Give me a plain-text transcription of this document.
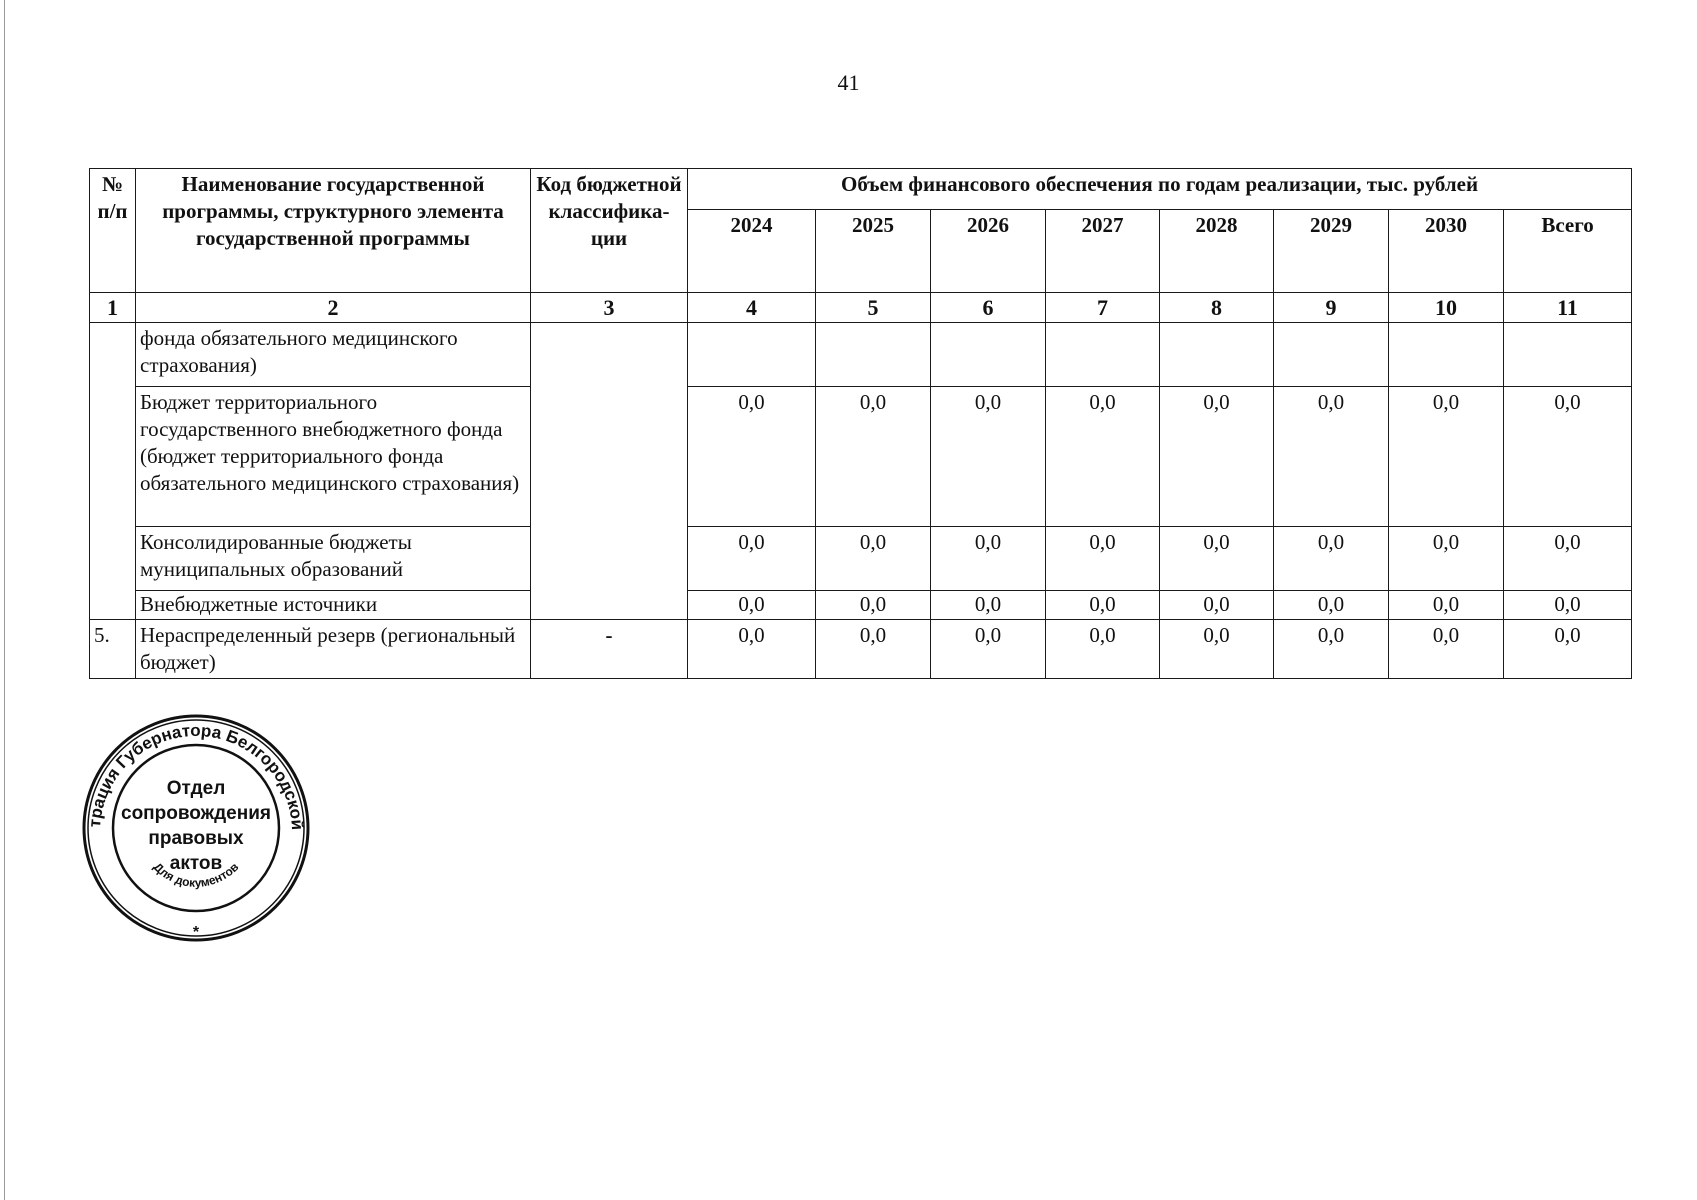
41
№ п/п	Наименование государственной программы, структурного элемента государственной программы	Код бюджетной классифика-ции	Объем финансового обеспечения по годам реализации, тыс. рублей							
			2024	2025	2026	2027	2028	2029	2030	Всего
1	2	3	4	5	6	7	8	9	10	11
	фонда обязательного медицинского страхования)									
	Бюджет территориального государственного внебюджетного фонда (бюджет территориального фонда обязательного медицинского страхования)		0,0	0,0	0,0	0,0	0,0	0,0	0,0	0,0
	Консолидированные бюджеты муниципальных образований		0,0	0,0	0,0	0,0	0,0	0,0	0,0	0,0
	Внебюджетные источники		0,0	0,0	0,0	0,0	0,0	0,0	0,0	0,0
5.	Нераспределенный резерв (региональный бюджет)	-	0,0	0,0	0,0	0,0	0,0	0,0	0,0	0,0
трация Губернатора Белгородской
Для документов
Отдел
сопровождения
правовых
актов
*
